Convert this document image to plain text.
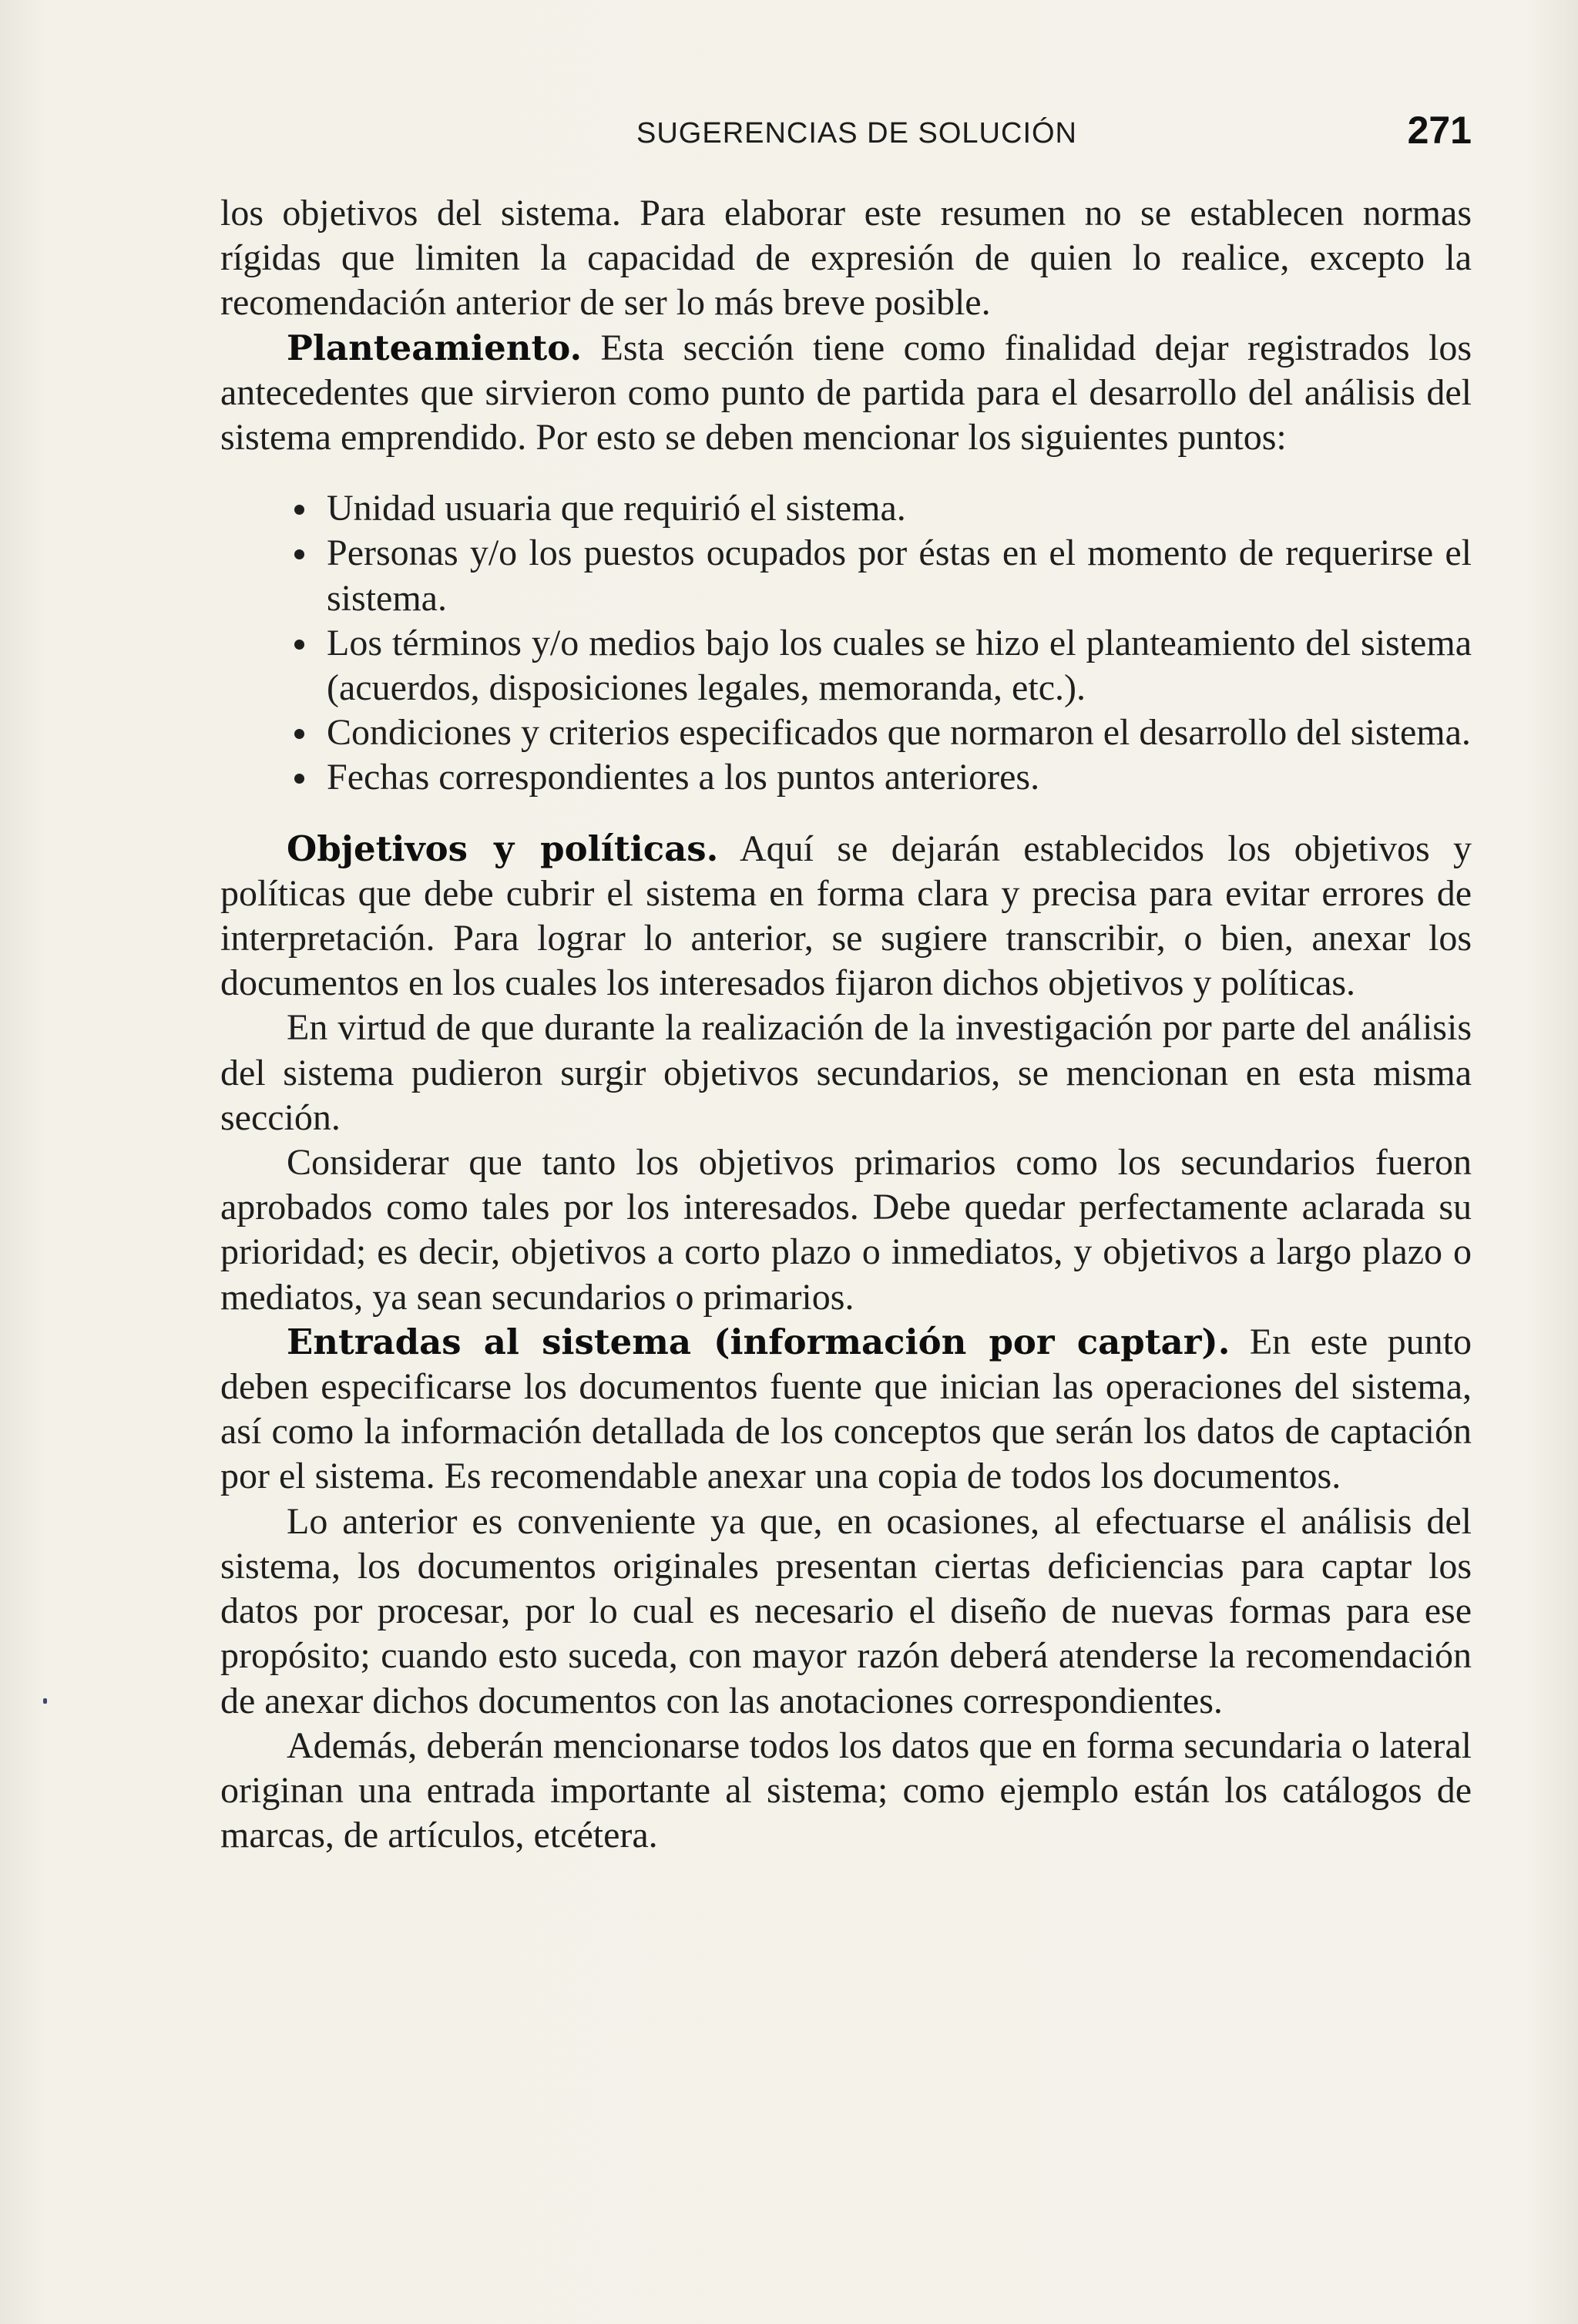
SUGERENCIAS DE SOLUCIÓN	271

los objetivos del sistema. Para elaborar este resumen no se establecen normas rígidas que limiten la capacidad de expresión de quien lo realice, excepto la recomendación anterior de ser lo más breve posible.

Planteamiento. Esta sección tiene como finalidad dejar registrados los antecedentes que sirvieron como punto de partida para el desarrollo del análisis del sistema emprendido. Por esto se deben mencionar los siguientes puntos:

Unidad usuaria que requirió el sistema.
Personas y/o los puestos ocupados por éstas en el momento de requerirse el sistema.
Los términos y/o medios bajo los cuales se hizo el planteamiento del sistema (acuerdos, disposiciones legales, memoranda, etc.).
Condiciones y criterios especificados que normaron el desarrollo del sistema.
Fechas correspondientes a los puntos anteriores.

Objetivos y políticas. Aquí se dejarán establecidos los objetivos y políticas que debe cubrir el sistema en forma clara y precisa para evitar errores de interpretación. Para lograr lo anterior, se sugiere transcribir, o bien, anexar los documentos en los cuales los interesados fijaron dichos objetivos y políticas.

En virtud de que durante la realización de la investigación por parte del análisis del sistema pudieron surgir objetivos secundarios, se mencionan en esta misma sección.

Considerar que tanto los objetivos primarios como los secundarios fueron aprobados como tales por los interesados. Debe quedar perfectamente aclarada su prioridad; es decir, objetivos a corto plazo o inmediatos, y objetivos a largo plazo o mediatos, ya sean secundarios o primarios.

Entradas al sistema (información por captar). En este punto deben especificarse los documentos fuente que inician las operaciones del sistema, así como la información detallada de los conceptos que serán los datos de captación por el sistema. Es recomendable anexar una copia de todos los documentos.

Lo anterior es conveniente ya que, en ocasiones, al efectuarse el análisis del sistema, los documentos originales presentan ciertas deficiencias para captar los datos por procesar, por lo cual es necesario el diseño de nuevas formas para ese propósito; cuando esto suceda, con mayor razón deberá atenderse la recomendación de anexar dichos documentos con las anotaciones correspondientes.

Además, deberán mencionarse todos los datos que en forma secundaria o lateral originan una entrada importante al sistema; como ejemplo están los catálogos de marcas, de artículos, etcétera.
